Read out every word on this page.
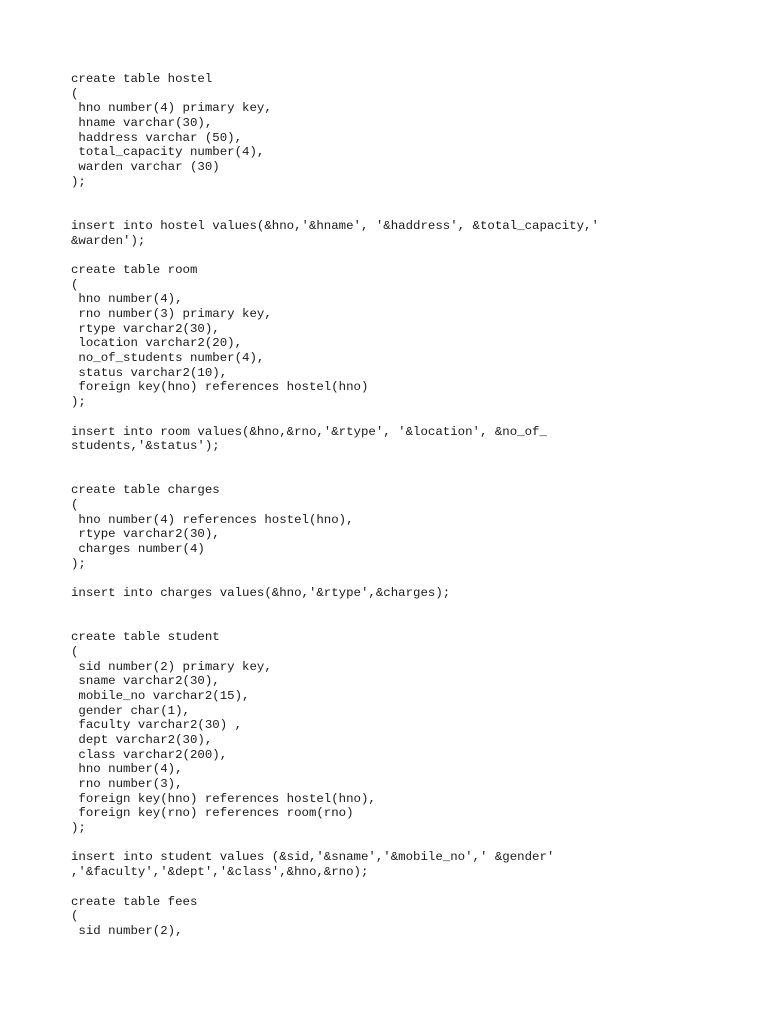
create table hostel
(
hno number(4) primary key,
hname varchar(30),
haddress varchar (50),
total_capacity number(4),
warden varchar (30)
);
insert into hostel values(&hno,'&hname', '&haddress', &total_capacity,'
&warden');
create table room
(
hno number(4),
rno number(3) primary key,
rtype varchar2(30),
location varchar2(20),
no_of_students number(4),
status varchar2(10),
foreign key(hno) references hostel(hno)
);
insert into room values(&hno,&rno,'&rtype', '&location', &no_of_
students,'&status');
create table charges
(
hno number(4) references hostel(hno),
rtype varchar2(30),
charges number(4)
);
insert into charges values(&hno,'&rtype',&charges);
create table student
(
sid number(2) primary key,
sname varchar2(30),
mobile_no varchar2(15),
gender char(1),
faculty varchar2(30) ,
dept varchar2(30),
class varchar2(200),
hno number(4),
rno number(3),
foreign key(hno) references hostel(hno),
foreign key(rno) references room(rno)
);
insert into student values (&sid,'&sname','&mobile_no',' &gender'
,'&faculty','&dept','&class',&hno,&rno);
create table fees
(
sid number(2),
